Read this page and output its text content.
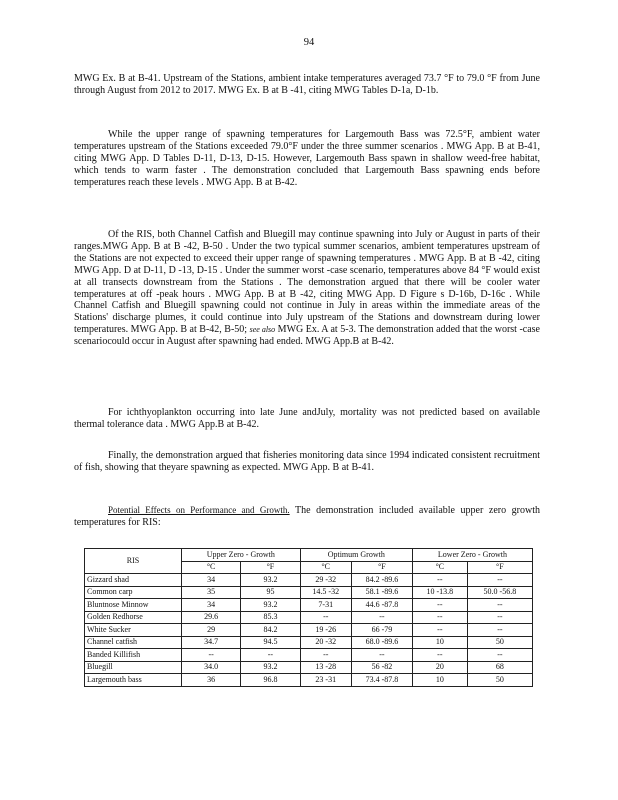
94

MWG Ex. B at B-41. Upstream of the Stations, ambient intake temperatures averaged 73.7 °F to 79.0 °F from June through August from 2012 to 2017. MWG Ex. B at B -41, citing MWG Tables D-1a, D-1b.

While the upper range of spawning temperatures for Largemouth Bass was 72.5°F, ambient water temperatures upstream of the Stations exceeded 79.0°F under the three summer scenarios . MWG App. B at B-41, citing MWG App. D Tables D-11, D-13, D-15. However, Largemouth Bass spawn in shallow weed-free habitat, which tends to warm faster . The demonstration concluded that Largemouth Bass spawning ends before temperatures reach these levels . MWG App. B at B-42.

Of the RIS, both Channel Catfish and Bluegill may continue spawning into July or August in parts of their ranges.MWG App. B at B -42, B-50 . Under the two typical summer scenarios, ambient temperatures upstream of the Stations are not expected to exceed their upper range of spawning temperatures . MWG App. B at B -42, citing MWG App. D at D-11, D -13, D-15 . Under the summer worst -case scenario, temperatures above 84 °F would exist at all transects downstream from the Stations . The demonstration argued that there will be cooler water temperatures at off -peak hours . MWG App. B at B -42, citing MWG App. D Figure s D-16b, D-16c . While Channel Catfish and Bluegill spawning could not continue in July in areas within the immediate areas of the Stations' discharge plumes, it could continue into July upstream of the Stations and downstream during lower temperatures. MWG App. B at B-42, B-50; see also MWG Ex. A at 5-3. The demonstration added that the worst -case scenariocould occur in August after spawning had ended. MWG App.B at B-42.

For ichthyoplankton occurring into late June andJuly, mortality was not predicted based on available thermal tolerance data . MWG App.B at B-42.

Finally, the demonstration argued that fisheries monitoring data since 1994 indicated consistent recruitment of fish, showing that theyare spawning as expected. MWG App. B at B-41.

Potential Effects on Performance and Growth. The demonstration included available upper zero growth temperatures for RIS:

RIS	Upper Zero - Growth		Optimum Growth		Lower Zero - Growth	
	°C	°F	°C	°F	°C	°F
Gizzard shad	34	93.2	29 -32	84.2 -89.6	--	--
Common carp	35	95	14.5 -32	58.1 -89.6	10 -13.8	50.0 -56.8
Bluntnose Minnow	34	93.2	7-31	44.6 -87.8	--	--
Golden Redhorse	29.6	85.3	--	--	--	--
White Sucker	29	84.2	19 -26	66 -79	--	--
Channel catfish	34.7	94.5	20 -32	68.0 -89.6	10	50
Banded Killifish	--	--	--	--	--	--
Bluegill	34.0	93.2	13 -28	56 -82	20	68
Largemouth bass	36	96.8	23 -31	73.4 -87.8	10	50
